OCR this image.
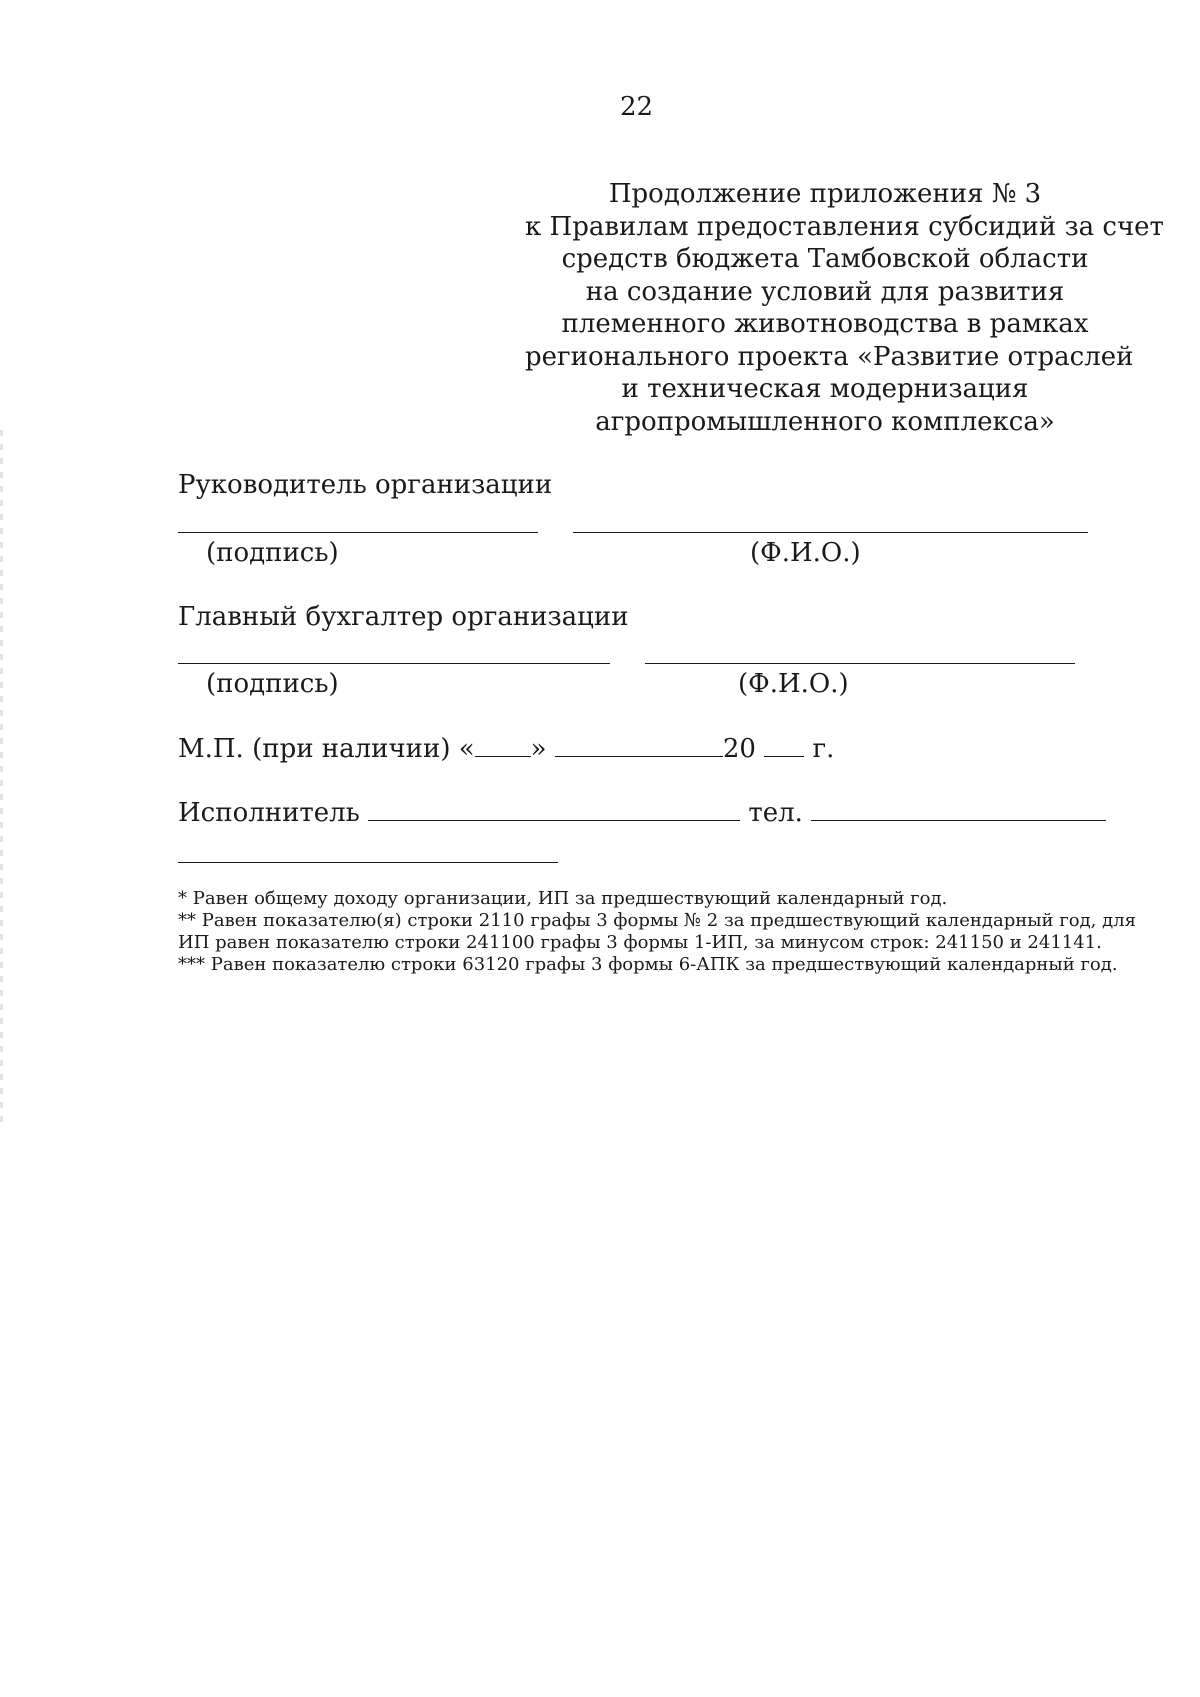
22
Продолжение приложения № 3
к Правилам предоставления субсидий за счет
средств бюджета Тамбовской области
на создание условий для развития
племенного животноводства в рамках
регионального проекта «Развитие отраслей
и техническая модернизация
агропромышленного комплекса»
Руководитель организации
(подпись)	(Ф.И.О.)
Главный бухгалтер организации
(подпись)	(Ф.И.О.)
М.П. (при наличии) « »	20 г.
Исполнитель	тел.
* Равен общему доходу организации, ИП за предшествующий календарный год.
** Равен показателю(я) строки 2110 графы 3 формы № 2 за предшествующий календарный год, для ИП равен показателю строки 241100 графы 3 формы 1-ИП, за минусом строк: 241150 и 241141.
*** Равен показателю строки 63120 графы 3 формы 6-АПК за предшествующий календарный год.
